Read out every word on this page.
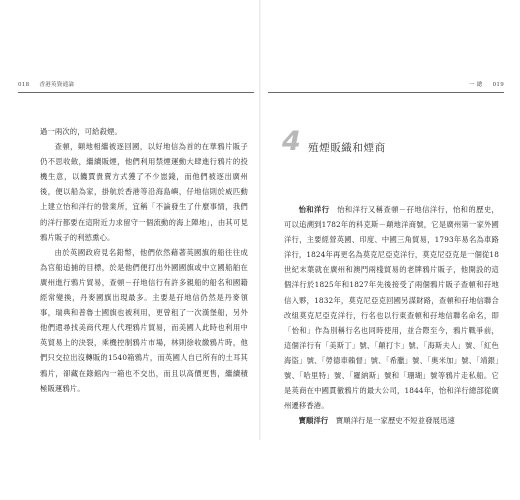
018 香港英資通論

過一兩次的，可給殺煙。

查頓，顛地相繼被逐回國，以好地信為首的在華鴉片販子仍不思收斂，繼續販煙，他們利用禁煙運動大肆進行鴉片的投機生意，以饑賈貴賣方式獲了不少崽錢，而他們被逐出廣州後，便以船為家，掛航於香港等沿海島嶼，仔地信則於威匹動上建立怡和洋行的營業所，宜稱「不論發生了什麼事情，我們的洋行都要在這附近力求留守一個流動的海上陣地」，由其可見鴉片販子的利慾熏心。

由於英國政府見名鉛幣，他們依然藉著英國旗的船往往成為官船追捕的目標，於是他們便打出外國國旗或中立國船舶在廣州進行鴉片貿易，查頓－孖地信行有許多親船的船名和國籍經常變換，丹麥國旗出現最多。主要是孖地信仍然是丹麥領事，瑞典和普魯士國旗也被利用，更曾租了一次漢堡船，另外他們還尋找美商代理人代理鴉片貿易，而美國人此時也利用中英貿易上的決裂，乘機控制鴉片市場，林則徐收繳鴉片時，他們只交拉出沒轉販的1540箱鴉片，而英國人自已所有的土耳其鴉片，卻藏在錄館內一箱也不交出，而且以高價更售，繼續積極販運鴉片。

一 總 019
4 殖煙販織和煙商

怡和洋行　 怡和洋行又稱查頓－孖地信洋行，怡和的歷史，可以追溯到1782年的科克斯－顛地洋商號，它是廣州第一家外國洋行，主要經營英國、印度、中國三角貿易，1793年易名為車路洋行，1824年再更名為莫克尼亞克洋行，莫克尼亞克是一個從18世紀末葉就在廣州和澳門兩棧貿易的老牌鴉片販子，他開設的這個洋行於1825年和1827年先後接受了兩個鴉片販子查頓和孖地信入夥，1832年，莫克尼亞克回國另謀財路，查頓和孖地信聯合改組莫克尼亞克洋行，行名也以行東查頓和孖地信聯名命名，即「怡和」作為別稱行名也同時使用，並合際至今，鴉片戰爭前，這個洋行有「美斯丁」號、「顛打卞」號、「海斯夫人」號、「紅色海盜」號、「勞德車賴督」號、「希臘」號、「奧米加」號、「靖銀」號、「哈里特」號、「羅納斯」號和「珊瑚」號等鴉片走私船。它是英商在中國貫徹鴉片的最大公司，1844年，怡和洋行總部從廣州遷移香港。

寶順洋行　 寶順洋行是一家歷史不短並發展迅速
